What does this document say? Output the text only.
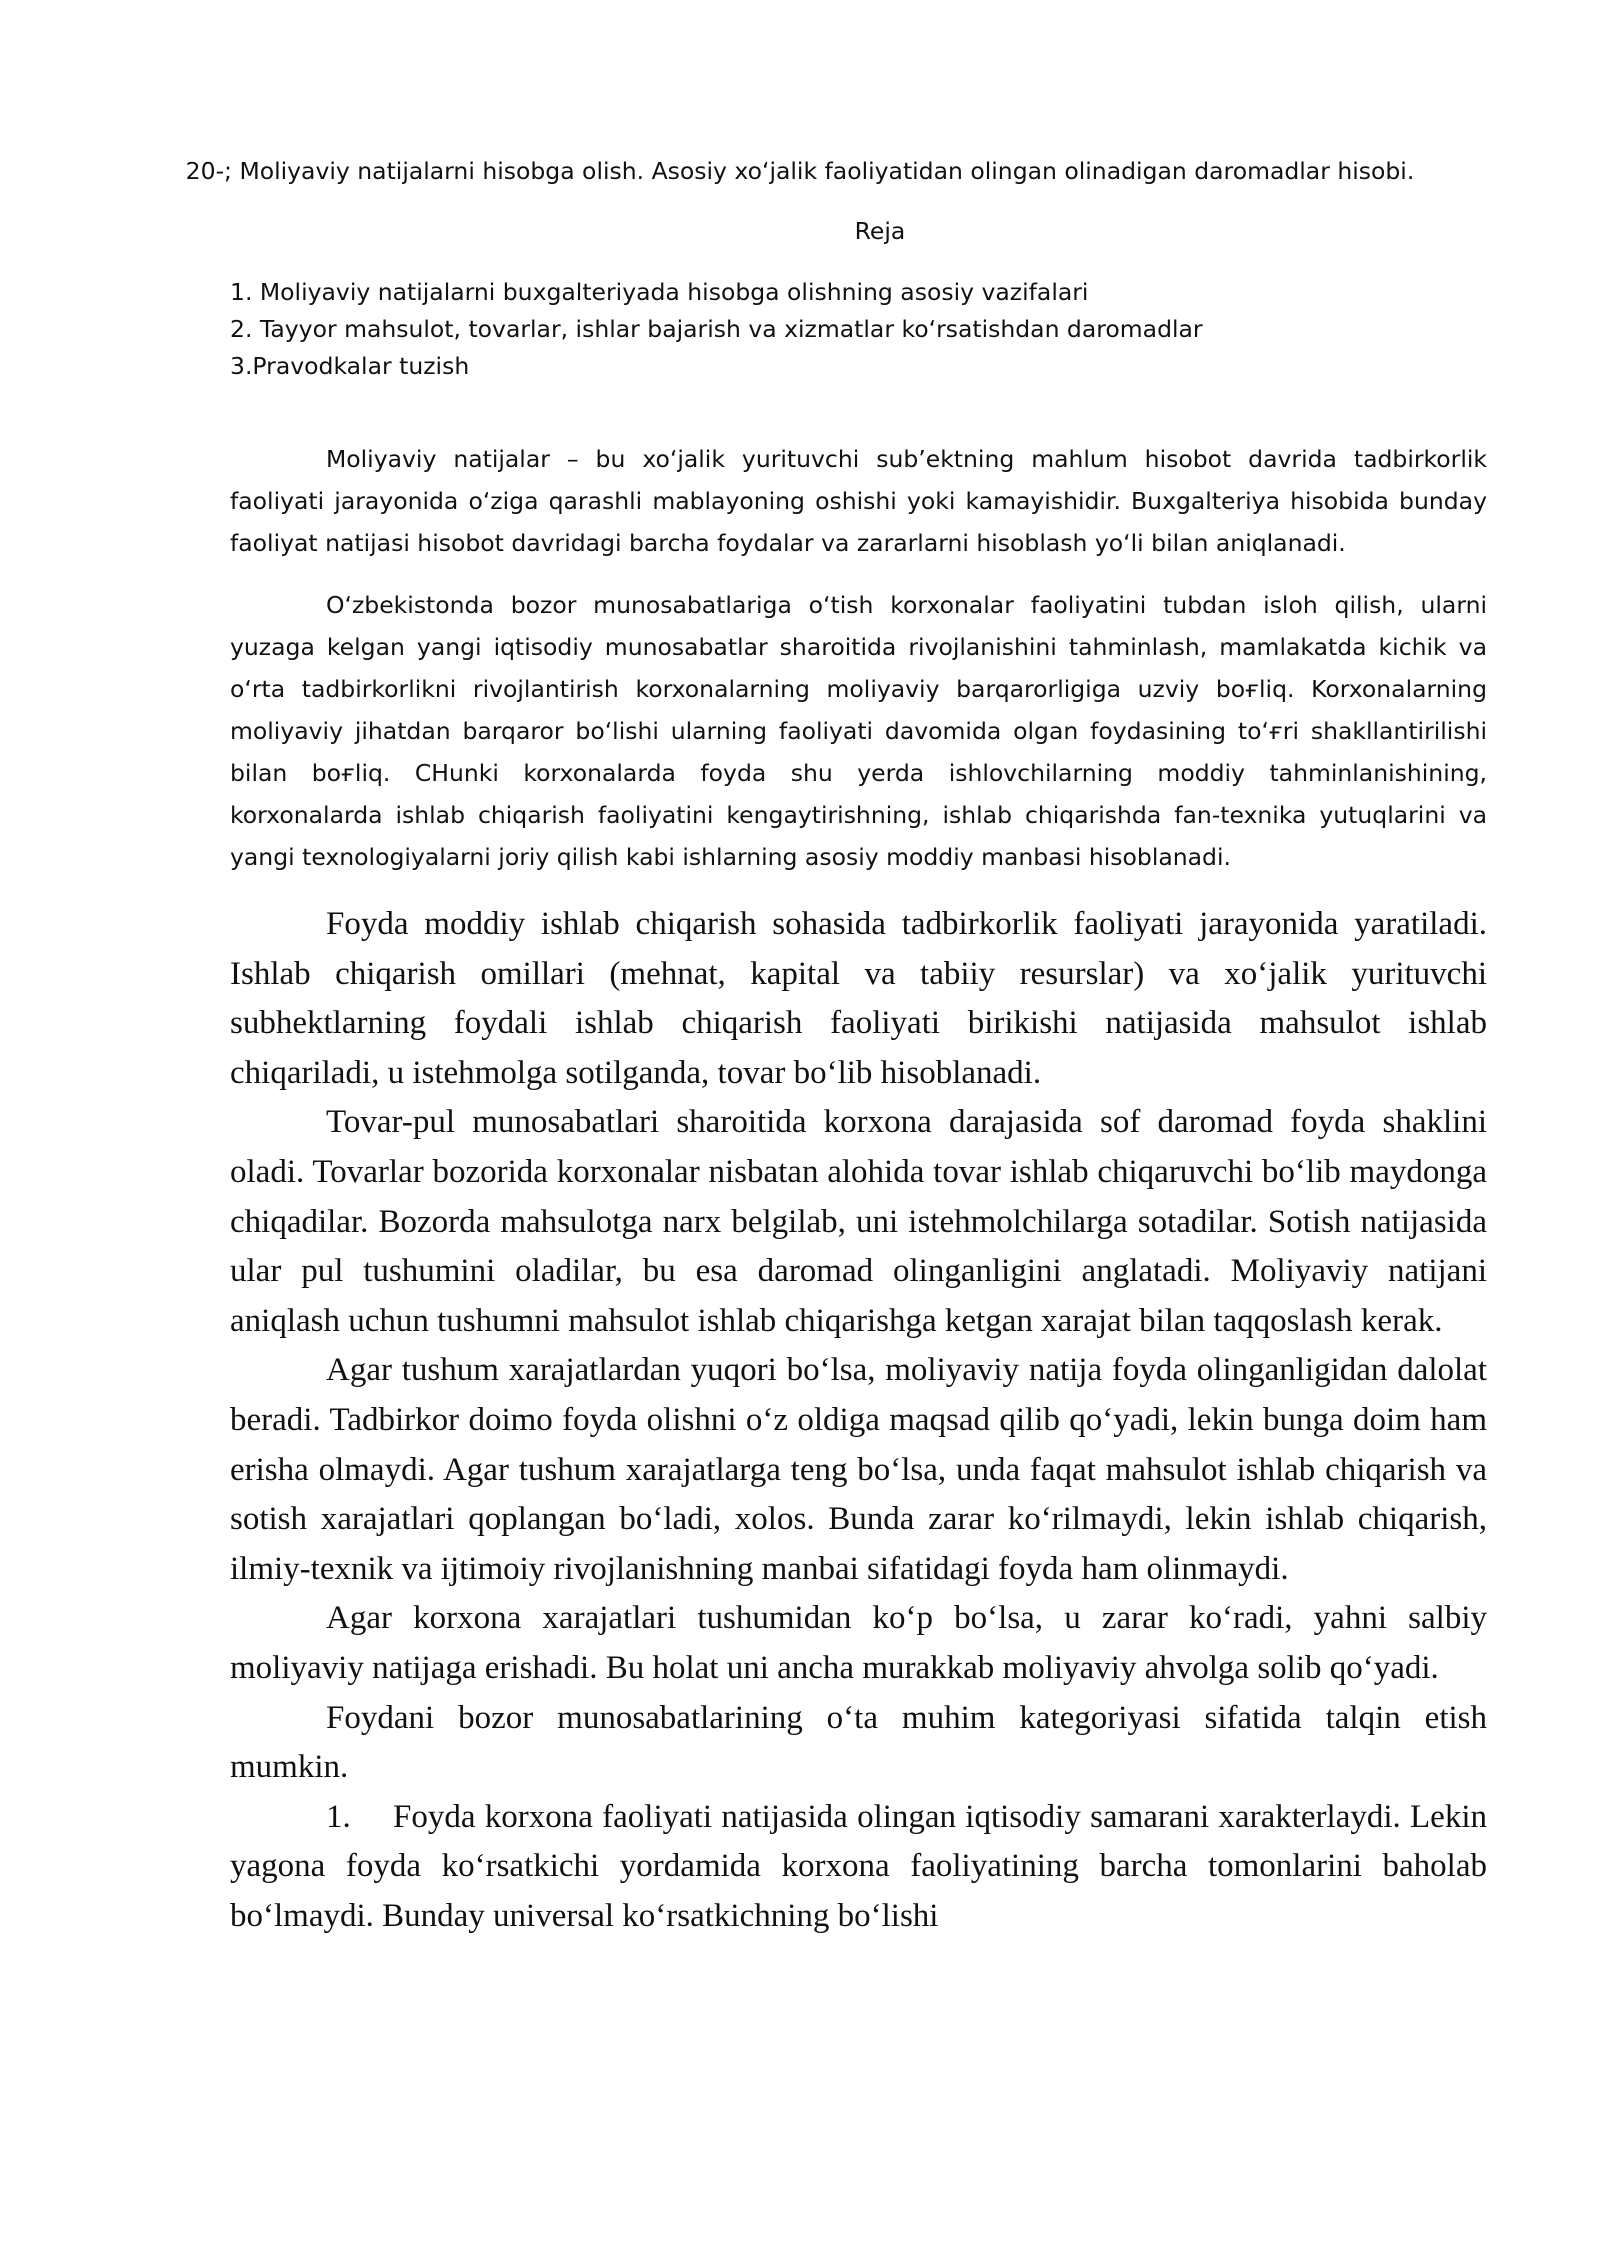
20-; Moliyaviy natijalarni hisobga olish. Asosiy xo‘jalik faoliyatidan olingan olinadigan daromadlar hisobi.
Reja
1. Moliyaviy natijalarni buxgalteriyada hisobga olishning asosiy vazifalari
2. Tayyor mahsulot, tovarlar, ishlar bajarish va xizmatlar ko‘rsatishdan daromadlar
3.Pravodkalar tuzish

Moliyaviy natijalar – bu xo‘jalik yurituvchi sub’ektning mahlum hisobot davrida tadbirkorlik faoliyati jarayonida o‘ziga qarashli mablayoning oshishi yoki kamayishidir. Buxgalteriya hisobida bunday faoliyat natijasi hisobot davridagi barcha foydalar va zararlarni hisoblash yo‘li bilan aniqlanadi.

O‘zbekistonda bozor munosabatlariga o‘tish korxonalar faoliyatini tubdan isloh qilish, ularni yuzaga kelgan yangi iqtisodiy munosabatlar sharoitida rivojlanishini tahminlash, mamlakatda kichik va o‘rta tadbirkorlikni rivojlantirish korxonalarning moliyaviy barqarorligiga uzviy boғliq. Korxonalarning moliyaviy jihatdan barqaror bo‘lishi ularning faoliyati davomida olgan foydasining to‘ғri shakllantirilishi bilan boғliq. CHunki korxonalarda foyda shu yerda ishlovchilarning moddiy tahminlanishining, korxonalarda ishlab chiqarish faoliyatini kengaytirishning, ishlab chiqarishda fan-texnika yutuqlarini va yangi texnologiyalarni joriy qilish kabi ishlarning asosiy moddiy manbasi hisoblanadi.

Foyda moddiy ishlab chiqarish sohasida tadbirkorlik faoliyati jarayonida yaratiladi. Ishlab chiqarish omillari (mehnat, kapital va tabiiy resurslar) va xo‘jalik yurituvchi subhektlarning foydali ishlab chiqarish faoliyati birikishi natijasida mahsulot ishlab chiqariladi, u istehmolga sotilganda, tovar bo‘lib hisoblanadi.

Tovar-pul munosabatlari sharoitida korxona darajasida sof daromad foyda shaklini oladi. Tovarlar bozorida korxonalar nisbatan alohida tovar ishlab chiqaruvchi bo‘lib maydonga chiqadilar. Bozorda mahsulotga narx belgilab, uni istehmolchilarga sotadilar. Sotish natijasida ular pul tushumini oladilar, bu esa daromad olinganligini anglatadi. Moliyaviy natijani aniqlash uchun tushumni mahsulot ishlab chiqarishga ketgan xarajat bilan taqqoslash kerak.

Agar tushum xarajatlardan yuqori bo‘lsa, moliyaviy natija foyda olinganligidan dalolat beradi. Tadbirkor doimo foyda olishni o‘z oldiga maqsad qilib qo‘yadi, lekin bunga doim ham erisha olmaydi. Agar tushum xarajatlarga teng bo‘lsa, unda faqat mahsulot ishlab chiqarish va sotish xarajatlari qoplangan bo‘ladi, xolos. Bunda zarar ko‘rilmaydi, lekin ishlab chiqarish, ilmiy-texnik va ijtimoiy rivojlanishning manbai sifatidagi foyda ham olinmaydi.

Agar korxona xarajatlari tushumidan ko‘p bo‘lsa, u zarar ko‘radi, yahni salbiy moliyaviy natijaga erishadi. Bu holat uni ancha murakkab moliyaviy ahvolga solib qo‘yadi.

Foydani bozor munosabatlarining o‘ta muhim kategoriyasi sifatida talqin etish mumkin.

1.  Foyda korxona faoliyati natijasida olingan iqtisodiy samarani xarakterlaydi. Lekin yagona foyda ko‘rsatkichi yordamida korxona faoliyatining barcha tomonlarini baholab bo‘lmaydi. Bunday universal ko‘rsatkichning bo‘lishi
